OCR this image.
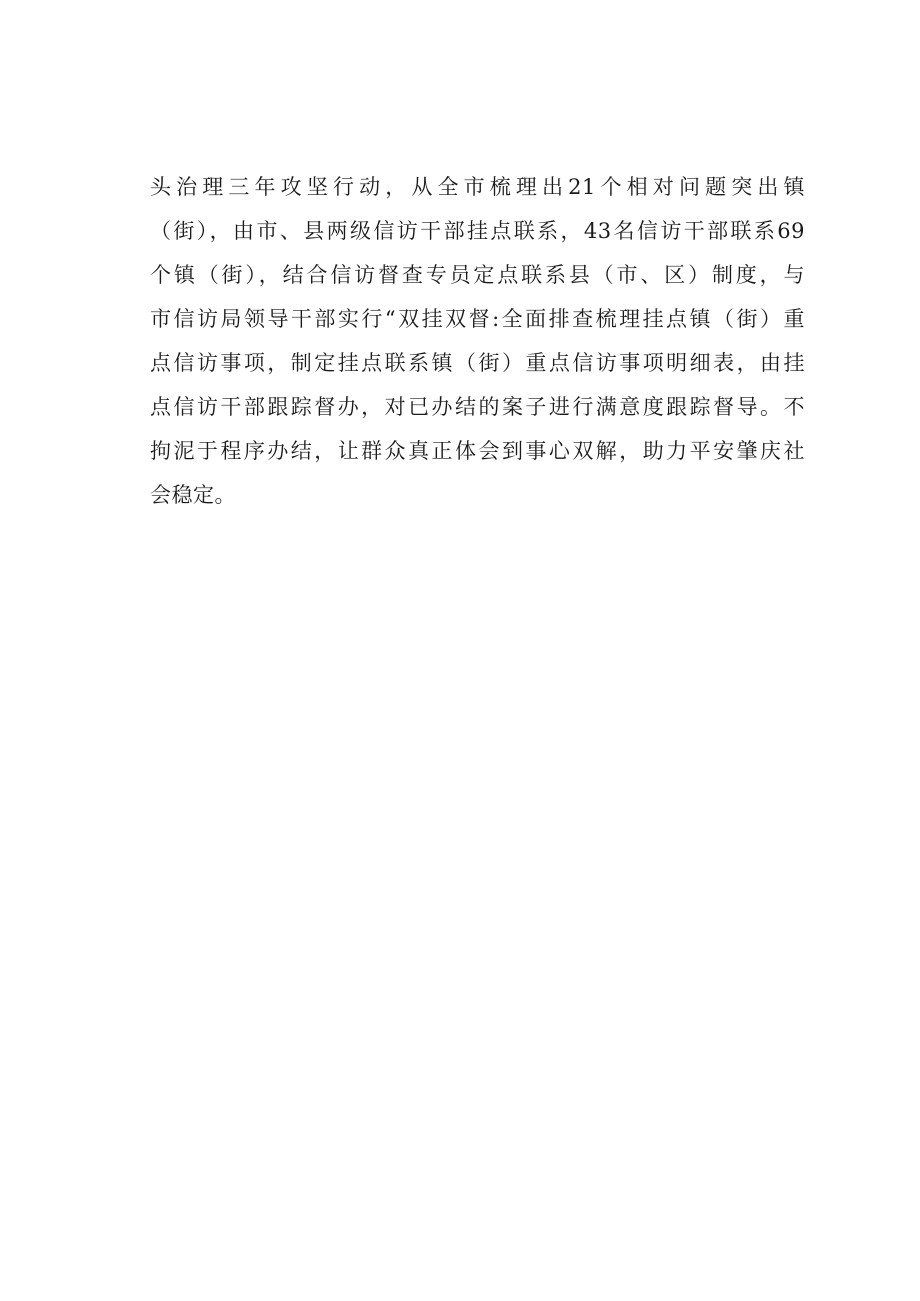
头治理三年攻坚行动，从全市梳理出21个相对问题突出镇
（街），由市、县两级信访干部挂点联系，43名信访干部联系69
个镇（街），结合信访督查专员定点联系县（市、区）制度，与
市信访局领导干部实行“双挂双督:全面排查梳理挂点镇（街）重
点信访事项，制定挂点联系镇（街）重点信访事项明细表，由挂
点信访干部跟踪督办，对已办结的案子进行满意度跟踪督导。不
拘泥于程序办结，让群众真正体会到事心双解，助力平安肇庆社
会稳定。
